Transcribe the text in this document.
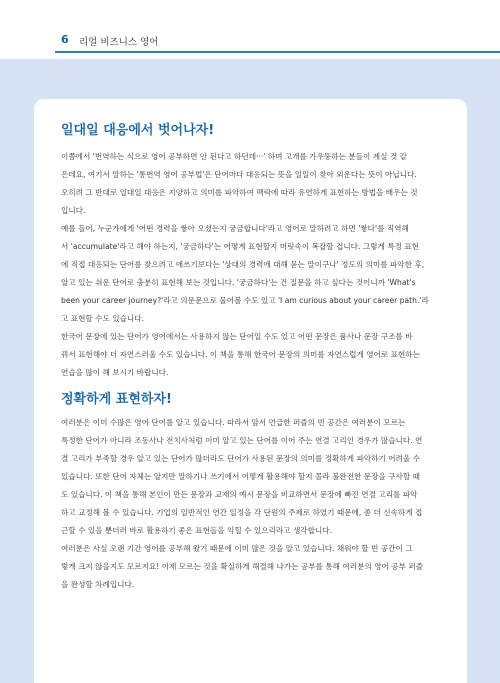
6 리얼 비즈니스 영어
일대일 대응에서 벗어나자!
이쯤에서 '번역하는 식으로 영어 공부하면 안 된다고 하던데···' 하며 고개를 가우뚱하는 분들이 계실 것 같
은데요, 여기서 말하는 '통번역 영어 공부법'은 단어마다 대응되는 뜻을 일일이 찾아 외운다는 뜻이 아닙니다.
오히려 그 반대로 일대일 대응은 지양하고 의미를 파악하여 맥락에 따라 유연하게 표현하는 방법을 배우는 것
입니다.
예를 들어, 누군가에게 '어떤 경력을 쌓아 오셨는지 궁금합니다'라고 영어로 말하려고 하면 '쌓다'를 직역해
서 'accumulate'라고 해야 하는지, '궁금하다'는 어떻게 표현할지 머릿속이 복잡할 겁니다. 그렇게 특정 표현
에 직접 대응되는 단어를 찾으려고 애쓰기보다는 '상대의 경력에 대해 묻는 말이구나' 정도의 의미를 파악한 후,
알고 있는 쉬운 단어로 충분히 표현해 보는 것입니다. '궁금하다'는 건 질문을 하고 싶다는 것이니까 'What's
been your career journey?'라고 의문문으로 물어볼 수도 있고 'I am curious about your career path.'라
고 표현할 수도 있습니다.
한국어 문장에 있는 단어가 영어에서는 사용하지 않는 단어일 수도 있고 어떤 문장은 품사나 문장 구조를 바
꿔서 표현해야 더 자연스러울 수도 있습니다. 이 책을 통해 한국어 문장의 의미를 자연스럽게 영어로 표현하는
연습을 많이 해 보시기 바랍니다.
정확하게 표현하자!
여러분은 이미 수많은 영어 단어를 알고 있습니다. 따라서 앞서 언급한 퍼즐의 빈 공간은 여러분이 모르는
특정한 단어가 아니라 조동사나 전치사처럼 이미 알고 있는 단어를 이어 주는 연결 고리인 경우가 많습니다. 연
결 고리가 부족할 경우 알고 있는 단어가 많더라도 단어가 사용된 문장의 의미를 정확하게 파악하기 어려울 수
있습니다. 또한 단어 자체는 알지만 말하기나 쓰기에서 어떻게 활용해야 할지 몰라 불완전한 문장을 구사할 때
도 있습니다. 이 책을 통해 본인이 만든 문장과 교재의 예시 문장을 비교하면서 문장에 빠진 연결 고리를 파악
하고 교정해 볼 수 있습니다. 기업의 일반적인 연간 일정을 각 단원의 주제로 하였기 때문에, 좀 더 신속하게 접
근할 수 있을 뿐더러 바로 활용하기 좋은 표현들을 익힐 수 있으리라고 생각합니다.
여러분은 사실 오랜 기간 영어를 공부해 왔기 때문에 이미 많은 것을 알고 있습니다. 채워야 할 빈 공간이 그
렇게 크지 않을지도 모르지요! 이제 모르는 것을 확실하게 해결해 나가는 공부를 통해 여러분의 영어 공부 퍼즐
을 완성할 차례입니다.
